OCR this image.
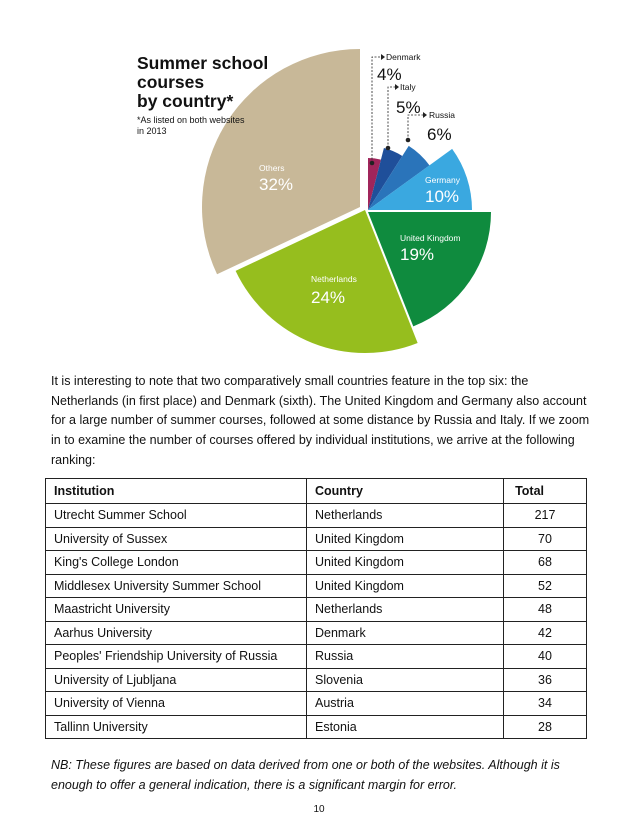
Others
32%
Denmark
4%
Italy
5% Russia
6%
Germany
10%
United Kingdom
19%
Netherlands
24%

Summer school
courses
by country*

*As listed on both websites in 2013

It is interesting to note that two comparatively small countries feature in the top six: the Netherlands (in first place) and Denmark (sixth). The United Kingdom and Germany also account for a large number of summer courses, followed at some distance by Russia and Italy. If we zoom in to examine the number of courses offered by individual institutions, we arrive at the following ranking:

Institution	Country	Total
Utrecht Summer School	Netherlands	217
University of Sussex	United Kingdom	70
King's College London	United Kingdom	68
Middlesex University Summer School	United Kingdom	52
Maastricht University	Netherlands	48
Aarhus University	Denmark	42
Peoples' Friendship University of Russia	Russia	40
University of Ljubljana	Slovenia	36
University of Vienna	Austria	34
Tallinn University	Estonia	28

NB: These figures are based on data derived from one or both of the websites. Although it is enough to offer a general indication, there is a significant margin for error.

10
